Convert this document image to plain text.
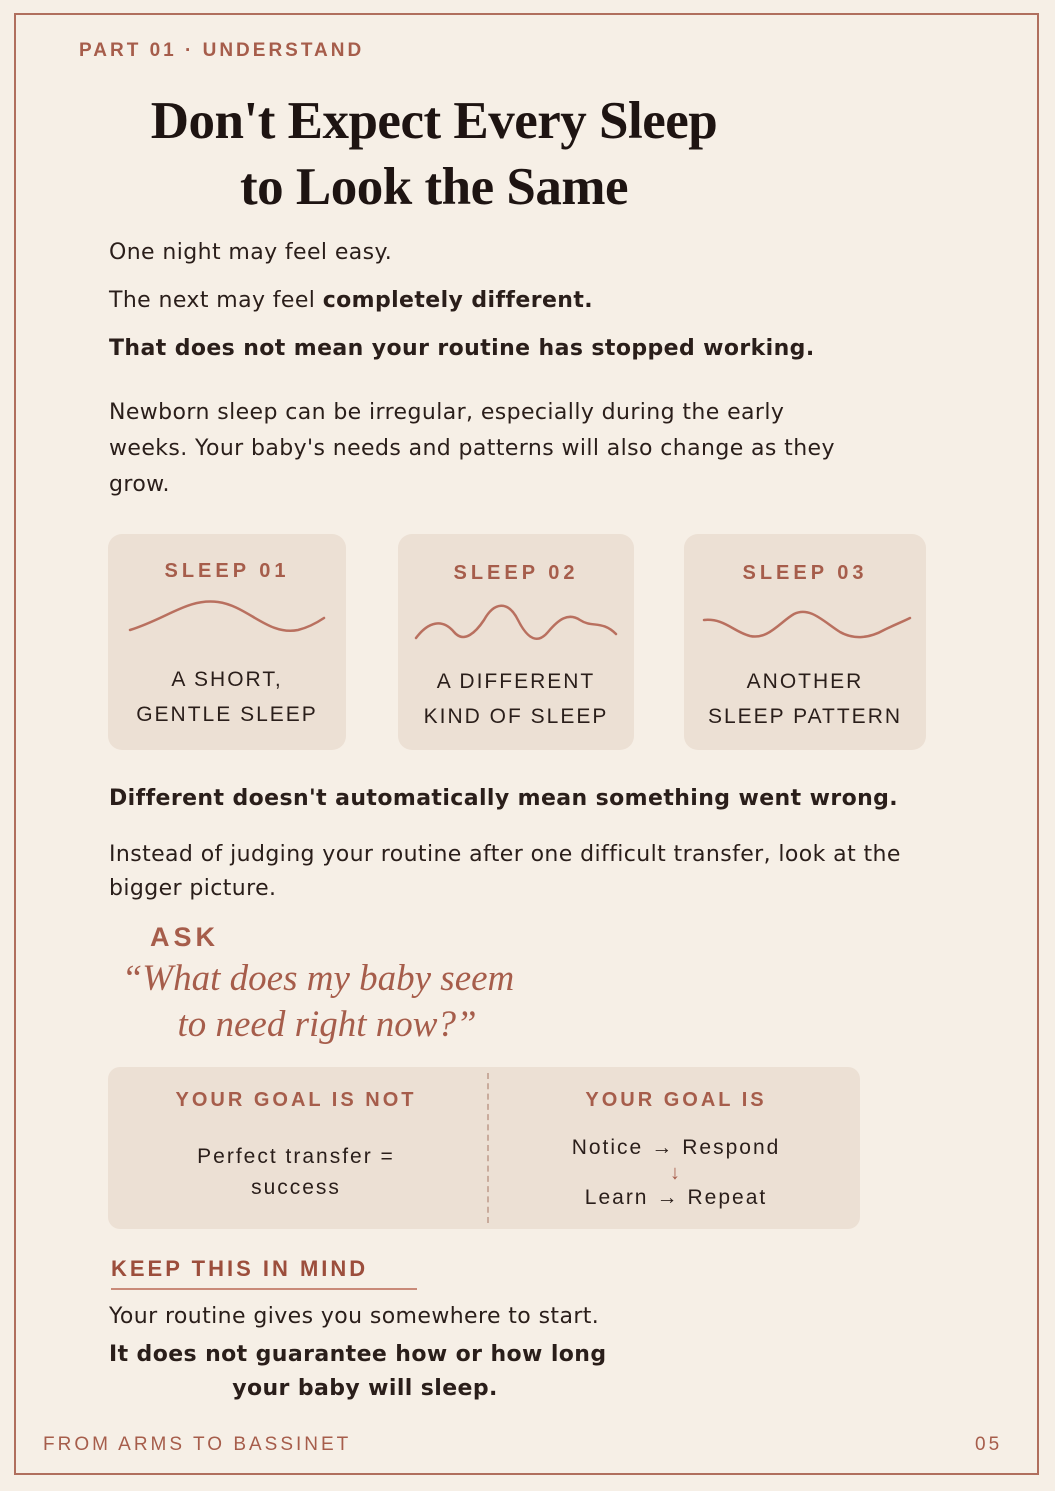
PART 01 · UNDERSTAND
Don't Expect Every Sleep
to Look the Same
One night may feel easy.
The next may feel completely different.
That does not mean your routine has stopped working.
Newborn sleep can be irregular, especially during the early weeks. Your baby's needs and patterns will also change as they grow.
SLEEP 01
A SHORT,
GENTLE SLEEP
SLEEP 02
A DIFFERENT
KIND OF SLEEP
SLEEP 03
ANOTHER
SLEEP PATTERN
Different doesn't automatically mean something went wrong.
Instead of judging your routine after one difficult transfer, look at the bigger picture.
ASK
“What does my baby seem
to need right now?”
YOUR GOAL IS NOT
Perfect transfer =
success
YOUR GOAL IS
Notice → Respond
↓
Learn → Repeat
KEEP THIS IN MIND
Your routine gives you somewhere to start.
It does not guarantee how or how long
your baby will sleep.
FROM ARMS TO BASSINET	05
